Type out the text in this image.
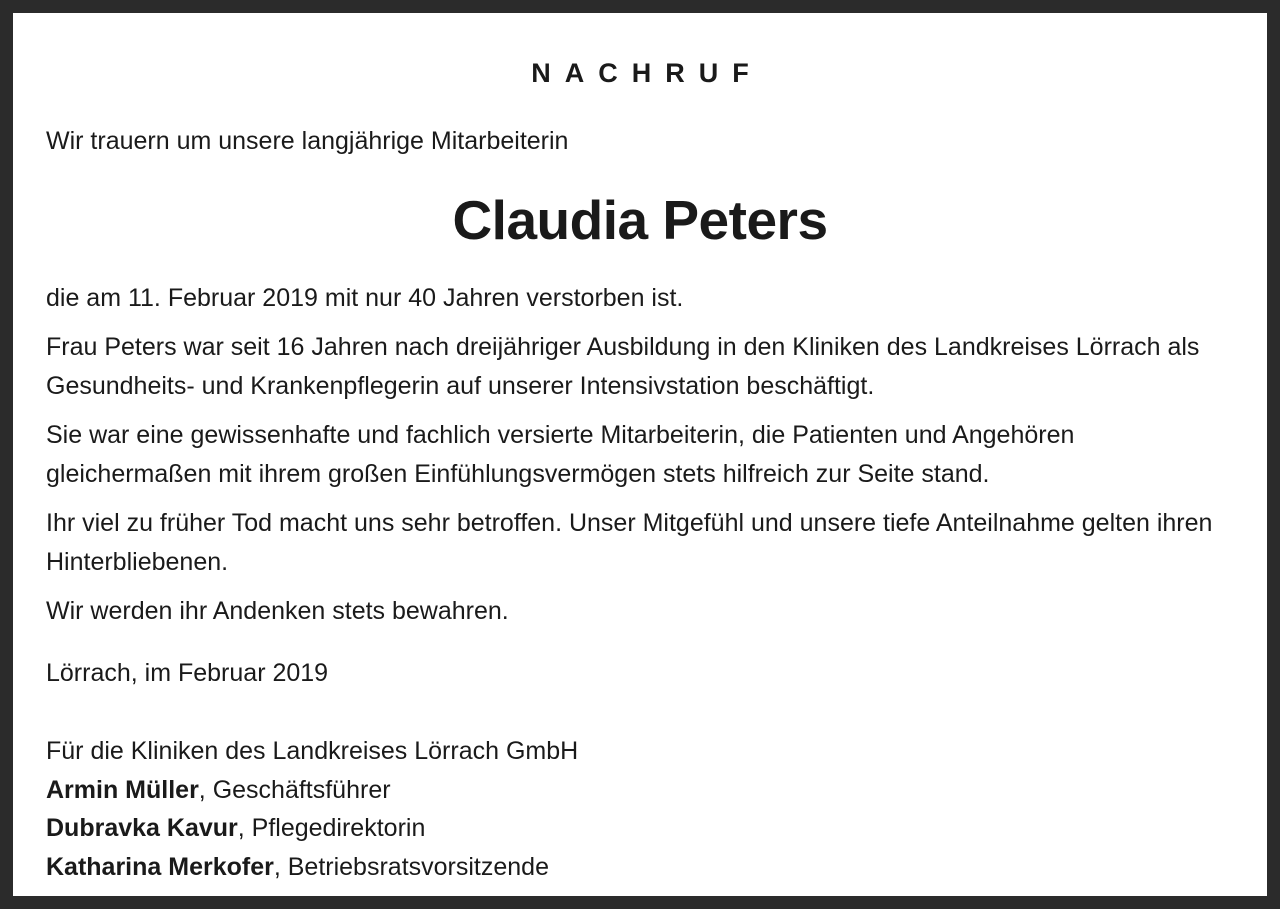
NACHRUF
Wir trauern um unsere langjährige Mitarbeiterin
Claudia Peters

die am 11. Februar 2019 mit nur 40 Jahren verstorben ist.

Frau Peters war seit 16 Jahren nach dreijähriger Ausbildung in den Kliniken des Landkreises Lörrach als Gesundheits- und Krankenpflegerin auf unserer Intensivstation beschäftigt.

Sie war eine gewissenhafte und fachlich versierte Mitarbeiterin, die Patienten und Angehören gleichermaßen mit ihrem großen Einfühlungsvermögen stets hilfreich zur Seite stand.

Ihr viel zu früher Tod macht uns sehr betroffen. Unser Mitgefühl und unsere tiefe Anteilnahme gelten ihren Hinterbliebenen.

Wir werden ihr Andenken stets bewahren.

Lörrach, im Februar 2019

Für die Kliniken des Landkreises Lörrach GmbH
Armin Müller, Geschäftsführer
Dubravka Kavur, Pflegedirektorin
Katharina Merkofer, Betriebsratsvorsitzende
